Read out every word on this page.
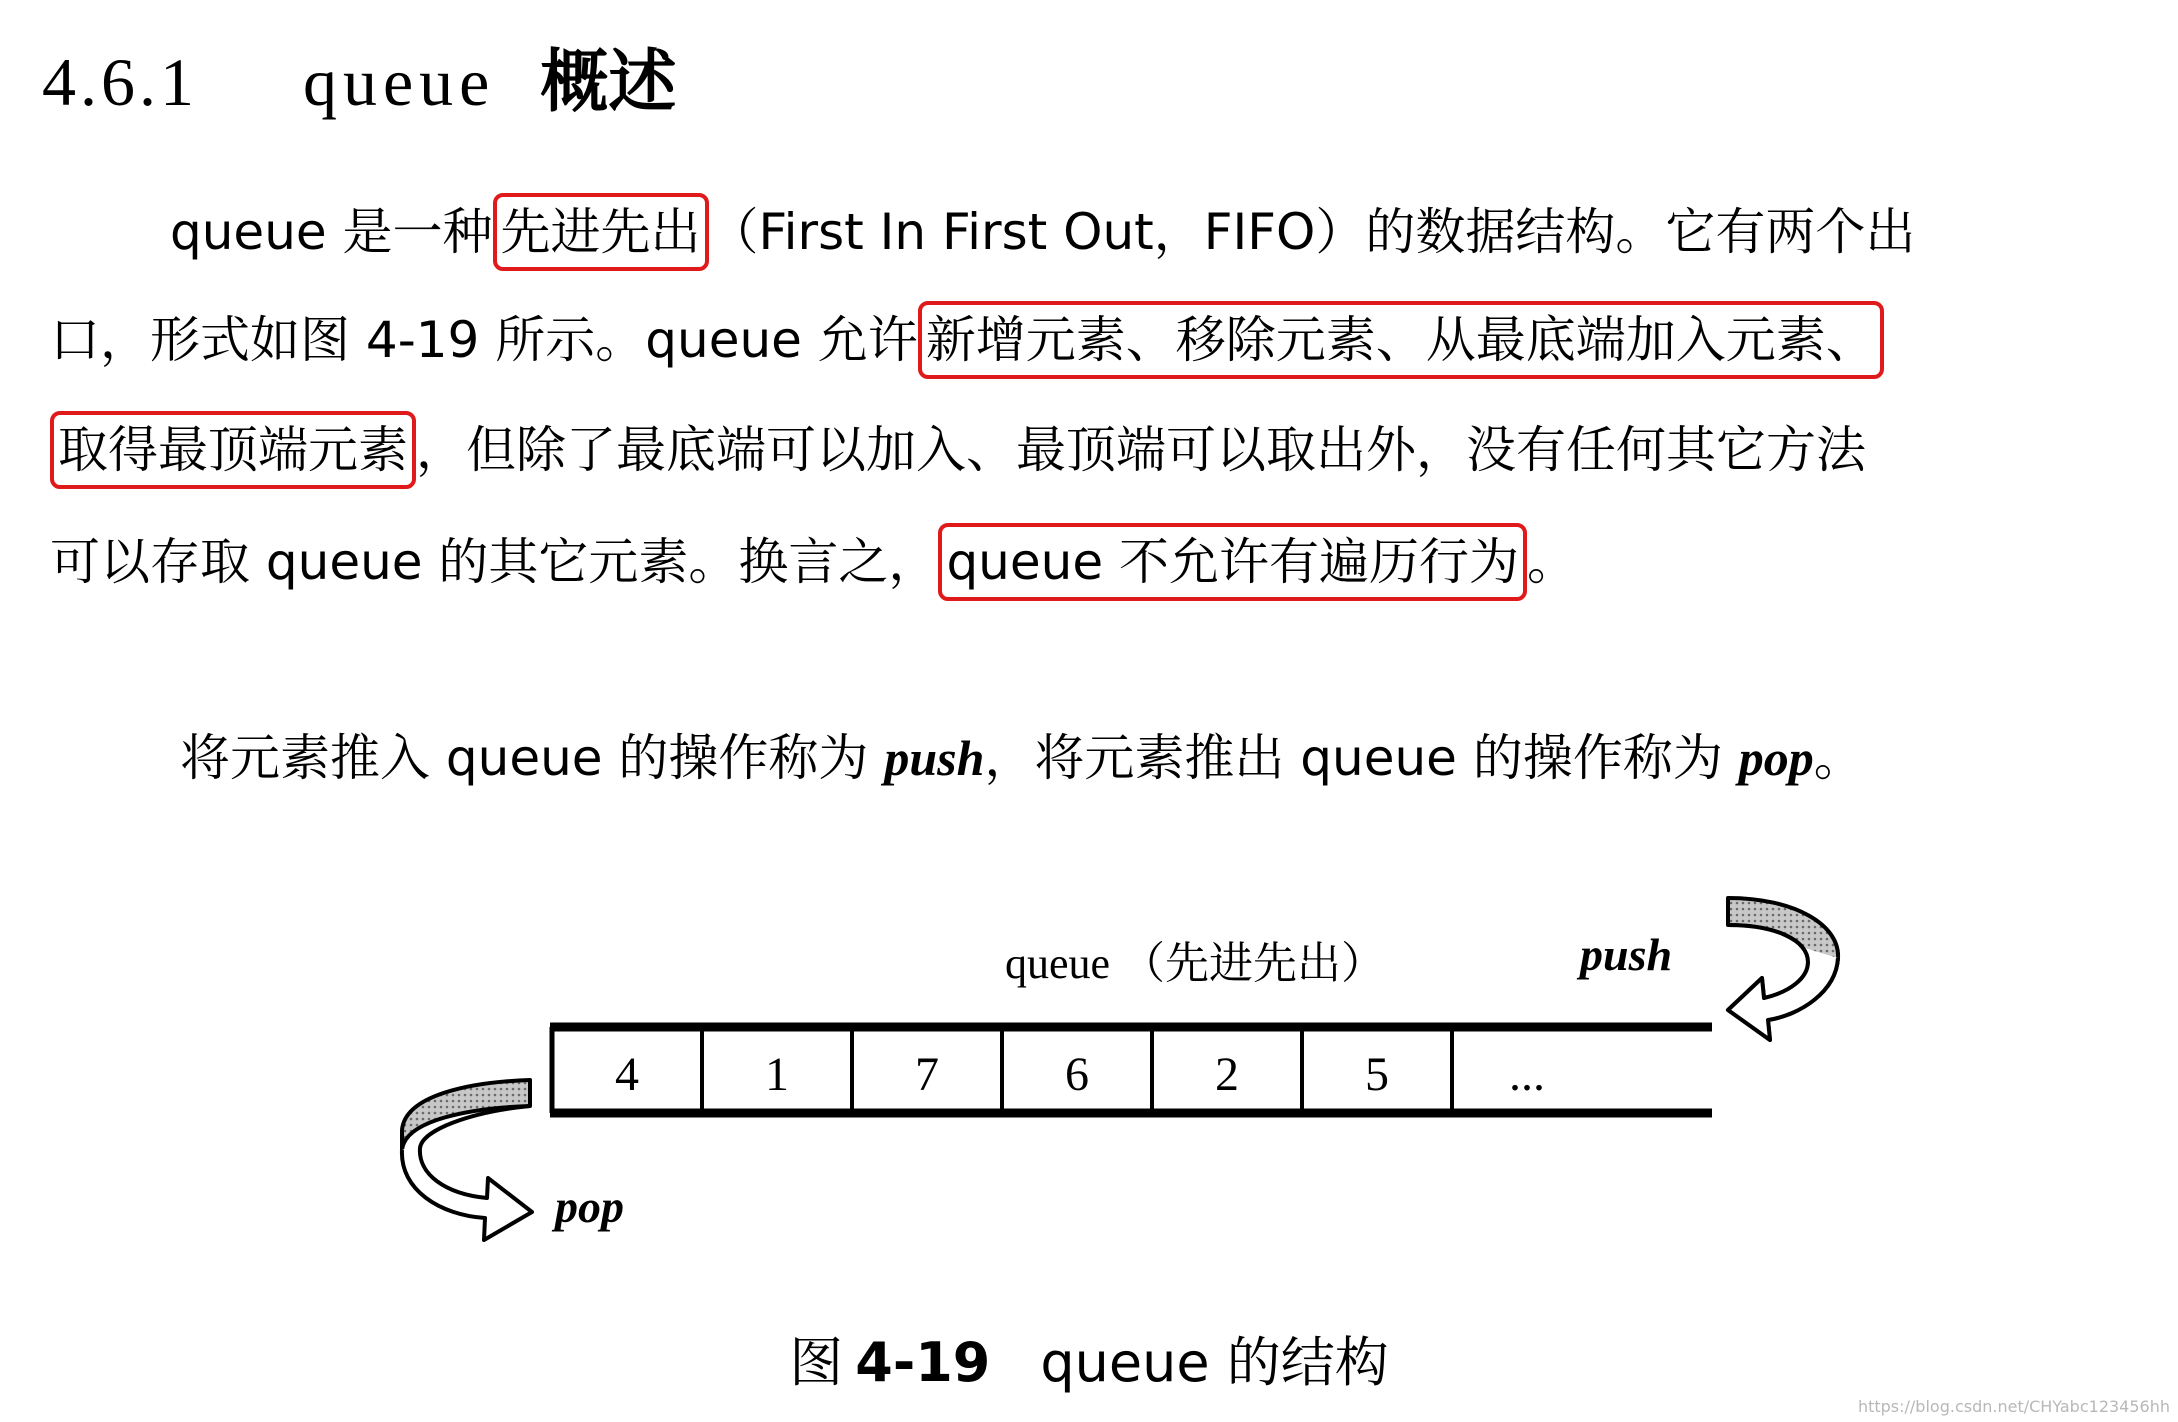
4.6.1 queue 概述
queue 是一种 先进先出 （First In First Out，FIFO）的数据结构。它有两个出
口，形式如图 4-19 所示。queue 允许 新增元素、移除元素、从最底端加入元素、
取得最顶端元素 ，但除了最底端可以加入、最顶端可以取出外，没有任何其它方法
可以存取 queue 的其它元素。换言之， queue 不允许有遍历行为 。
将元素推入 queue 的操作称为 push，将元素推出 queue 的操作称为 pop。
queue （先进先出）	push
pop
4	1	7	6	2	5	...
图 4-19 queue 的结构
https://blog.csdn.net/CHYabc123456hh
